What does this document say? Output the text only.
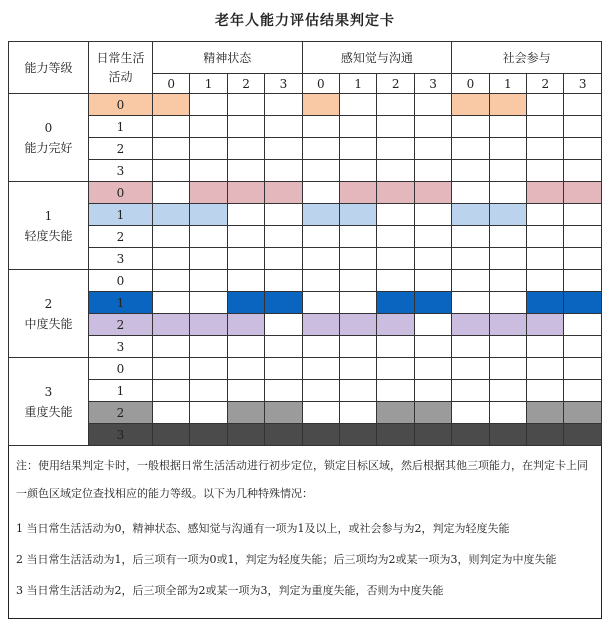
老年人能力评估结果判定卡
能力等级	日常生活活动	精神状态				感知觉与沟通				社会参与			
		0	1	2	3	0	1	2	3	0	1	2	3

0
能力完好	0												
	1												
	2												
	3												

1
轻度失能	0												
	1												
	2												
	3												

2
中度失能	0												
	1												
	2												
	3												

3
重度失能	0												
	1												
	2												
	3												

注：使用结果判定卡时，一般根据日常生活活动进行初步定位，锁定目标区域，然后根据其他三项能力，在判定卡上同一颜色区域定位查找相应的能力等级。以下为几种特殊情况：

1 当日常生活活动为0，精神状态、感知觉与沟通有一项为1及以上，或社会参与为2，判定为轻度失能

2 当日常生活活动为1，后三项有一项为0或1，判定为轻度失能；后三项均为2或某一项为3，则判定为中度失能

3 当日常生活活动为2，后三项全部为2或某一项为3，判定为重度失能，否则为中度失能
